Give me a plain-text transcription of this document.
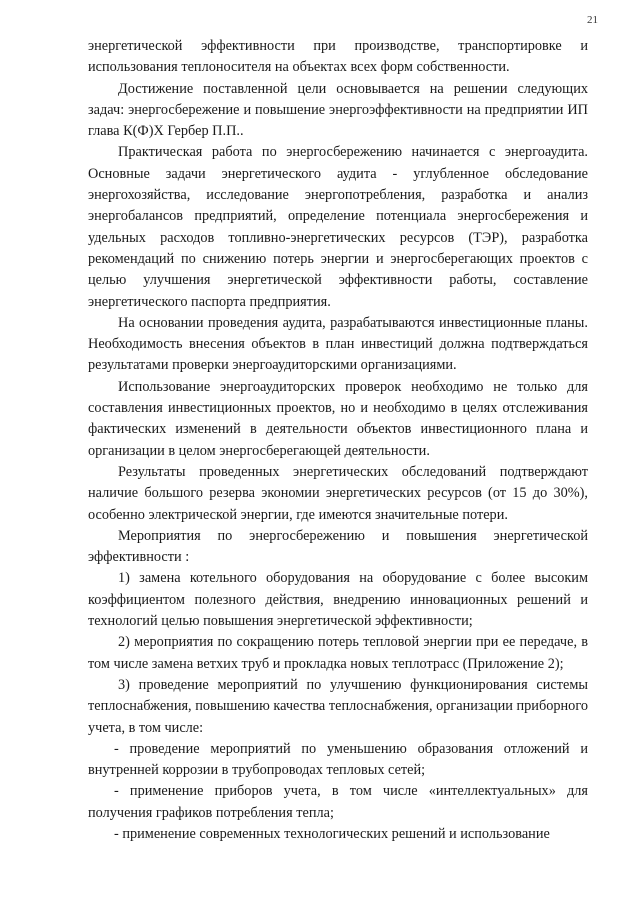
21

энергетической эффективности при производстве, транспортировке и использования теплоносителя на объектах всех форм собственности.

Достижение поставленной цели основывается на решении следующих задач: энергосбережение и повышение энергоэффективности на предприятии ИП глава К(Ф)Х Гербер П.П..

Практическая работа по энергосбережению начинается с энергоаудита. Основные задачи энергетического аудита - углубленное обследование энергохозяйства, исследование энергопотребления, разработка и анализ энергобалансов предприятий, определение потенциала энергосбережения и удельных расходов топливно-энергетических ресурсов (ТЭР), разработка рекомендаций по снижению потерь энергии и энергосберегающих проектов с целью улучшения энергетической эффективности работы, составление энергетического паспорта предприятия.

На основании проведения аудита, разрабатываются инвестиционные планы. Необходимость внесения объектов в план инвестиций должна подтверждаться результатами проверки энергоаудиторскими организациями.

Использование энергоаудиторских проверок необходимо не только для составления инвестиционных проектов, но и необходимо в целях отслеживания фактических изменений в деятельности объектов инвестиционного плана и организации в целом энергосберегающей деятельности.

Результаты проведенных энергетических обследований подтверждают наличие большого резерва экономии энергетических ресурсов (от 15 до 30%), особенно электрической энергии, где имеются значительные потери.

Мероприятия по энергосбережению и повышения энергетической эффективности :

1) замена котельного оборудования на оборудование с более высоким коэффициентом полезного действия, внедрению инновационных решений и технологий целью повышения энергетической эффективности;

2) мероприятия по сокращению потерь тепловой энергии при ее передаче, в том числе замена ветхих труб и прокладка новых теплотрасс (Приложение 2);

3) проведение мероприятий по улучшению функционирования системы теплоснабжения, повышению качества теплоснабжения, организации приборного учета, в том числе:

- проведение мероприятий по уменьшению образования отложений и внутренней коррозии в трубопроводах тепловых сетей;

- применение приборов учета, в том числе «интеллектуальных» для получения графиков потребления тепла;

- применение современных технологических решений и использование
